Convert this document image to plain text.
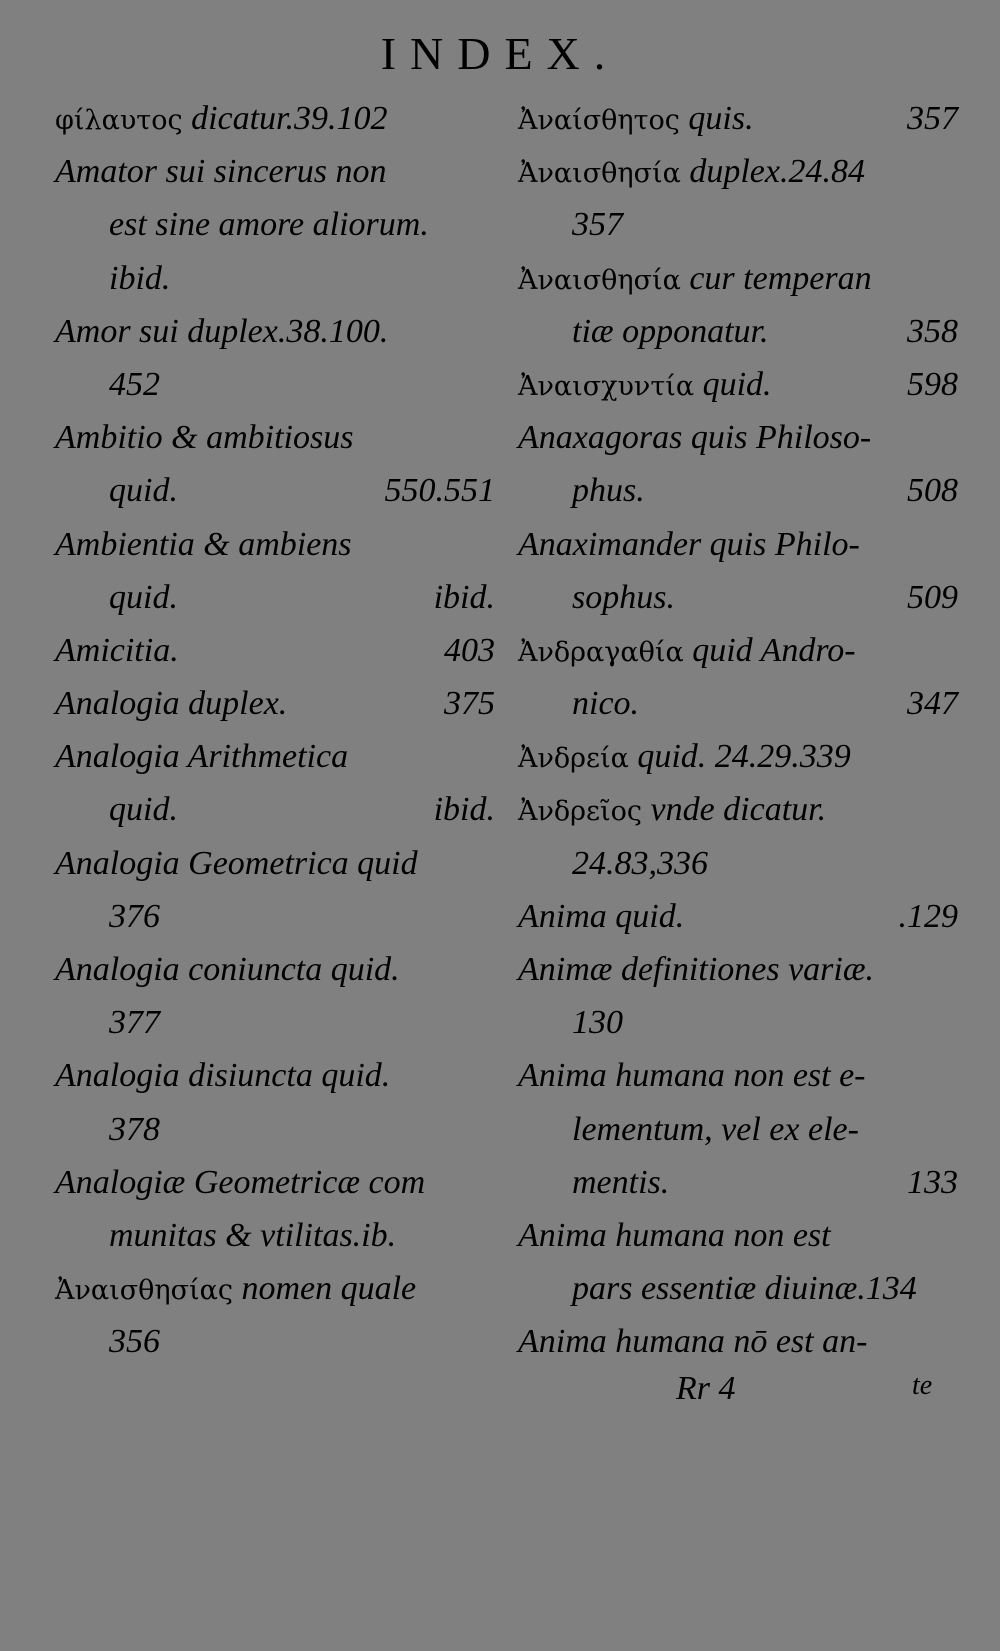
INDEX.
φίλαυτος dicatur.39.102
Amator sui sincerus non
est sine amore aliorum.
ibid.
Amor sui duplex.38.100.
452
Ambitio & ambitiosus
quid.	550.551
Ambientia & ambiens
quid.	ibid.
Amicitia.	403
Analogia duplex.	375
Analogia Arithmetica
quid.	ibid.
Analogia Geometrica quid
376
Analogia coniuncta quid.
377
Analogia disiuncta quid.
378
Analogiæ Geometricæ com
munitas & vtilitas.ib.
Ἀναισθησίας nomen quale
356
Ἀναίσθητος quis.	357
Ἀναισθησία duplex.24.84
357
Ἀναισθησία cur temperan
tiæ opponatur.	358
Ἀναισχυντία quid.	598
Anaxagoras quis Philoso-
phus.	508
Anaximander quis Philo-
sophus.	509
Ἀνδραγαθία quid Andro-
nico.	347
Ἀνδρεία quid. 24.29.339
Ἀνδρεῖος vnde dicatur.
24.83,336
Anima quid.	.129
Animæ definitiones variæ.
130
Anima humana non est e-
lementum, vel ex ele-
mentis.	133
Anima humana non est
pars essentiæ diuinæ.134
Anima humana nō est an-
Rr 4	te
